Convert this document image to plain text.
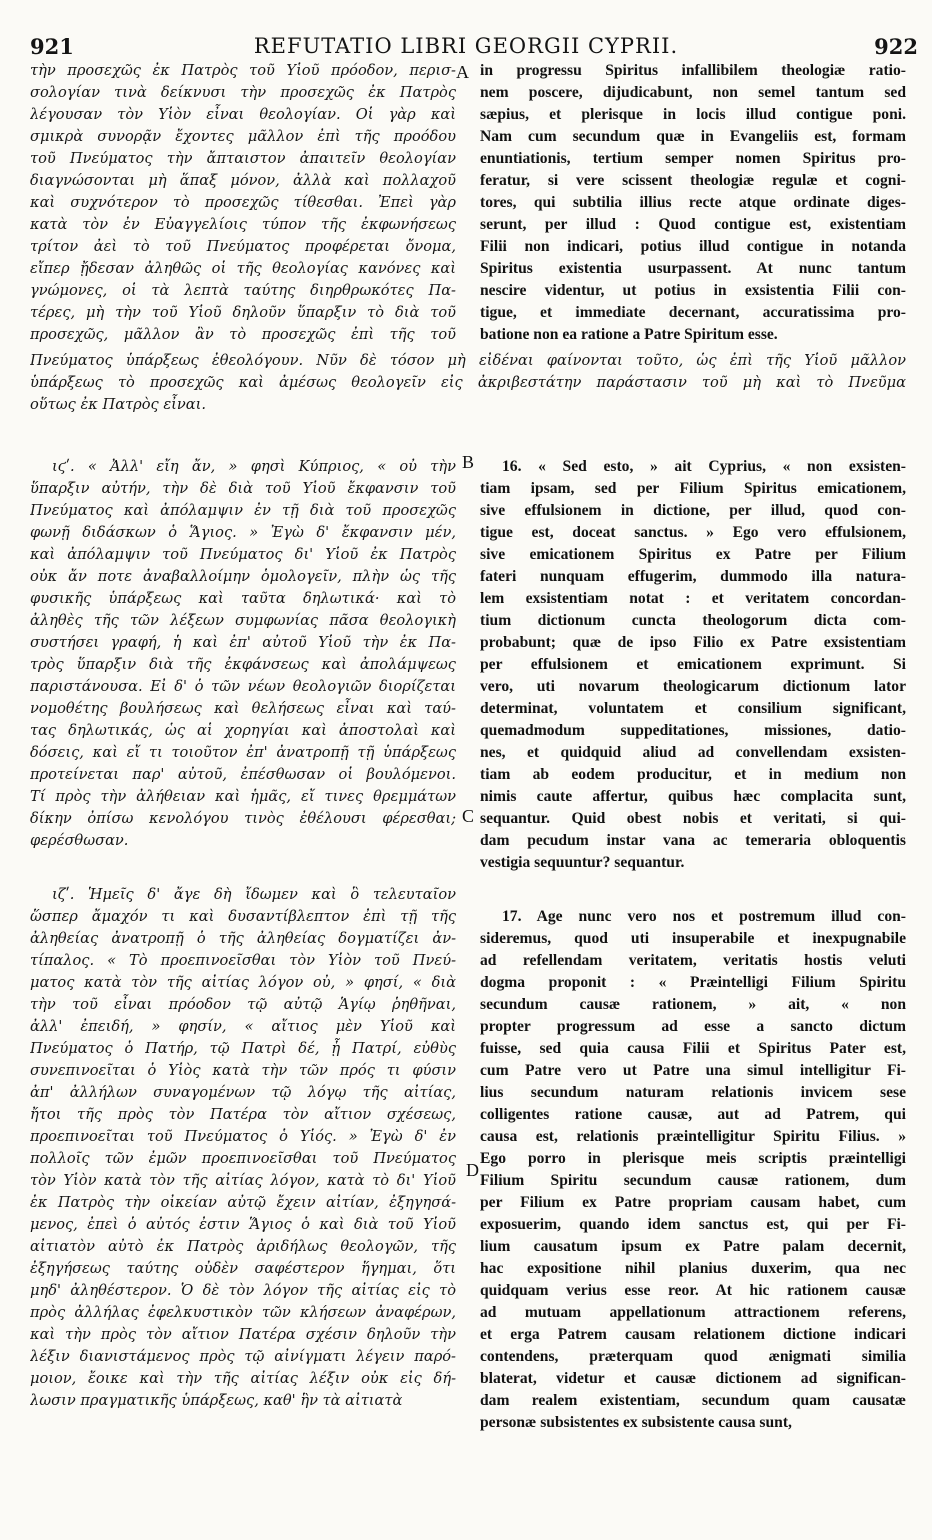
921	REFUTATIO LIBRI GEORGII CYPRII.	922
A
B
C
D
τὴν προσεχῶς ἐκ Πατρὸς τοῦ Υἱοῦ πρόοδον, περισ-
σολογίαν τινὰ δείκνυσι τὴν προσεχῶς ἐκ Πατρὸς
λέγουσαν τὸν Υἱὸν εἶναι θεολογίαν. Οἱ γὰρ καὶ
σμικρὰ συνορᾷν ἔχοντες μᾶλλον ἐπὶ τῆς προόδου
τοῦ Πνεύματος τὴν ἄπταιστον ἀπαιτεῖν θεολογίαν
διαγνώσονται μὴ ἅπαξ μόνον, ἀλλὰ καὶ πολλαχοῦ
καὶ συχνότερον τὸ προσεχῶς τίθεσθαι. Ἐπεὶ γὰρ
κατὰ τὸν ἐν Εὐαγγελίοις τύπον τῆς ἐκφωνήσεως
τρίτον ἀεὶ τὸ τοῦ Πνεύματος προφέρεται ὄνομα,
εἴπερ ᾔδεσαν ἀληθῶς οἱ τῆς θεολογίας κανόνες καὶ
γνώμονες, οἱ τὰ λεπτὰ ταύτης διηρθρωκότες Πα-
τέρες, μὴ τὴν τοῦ Υἱοῦ δηλοῦν ὕπαρξιν τὸ διὰ τοῦ
προσεχῶς, μᾶλλον ἂν τὸ προσεχῶς ἐπὶ τῆς τοῦ
in progressu Spiritus infallibilem theologiæ ratio-
nem poscere, dijudicabunt, non semel tantum sed
sæpius, et plerisque in locis illud contigue poni.
Nam cum secundum quæ in Evangeliis est, formam
enuntiationis, tertium semper nomen Spiritus pro-
feratur, si vere scissent theologiæ regulæ et cogni-
tores, qui subtilia illius recte atque ordinate diges-
serunt, per illud : Quod contigue est, existentiam
Filii non indicari, potius illud contigue in notanda
Spiritus existentia usurpassent. At nunc tantum
nescire videntur, ut potius in exsistentia Filii con-
tigue, et immediate decernant, accuratissima pro-
batione non ea ratione a Patre Spiritum esse.
Πνεύματος ὑπάρξεως ἐθεολόγουν. Νῦν δὲ τόσον μὴ εἰδέναι φαίνονται τοῦτο, ὡς ἐπὶ τῆς Υἱοῦ μᾶλλον
ὑπάρξεως τὸ προσεχῶς καὶ ἀμέσως θεολογεῖν εἰς ἀκριβεστάτην παράστασιν τοῦ μὴ καὶ τὸ Πνεῦμα
οὕτως ἐκ Πατρὸς εἶναι.
ιϛʹ. « Ἀλλ' εἴη ἄν, » φησὶ Κύπριος, « οὐ τὴν
ὕπαρξιν αὐτήν, τὴν δὲ διὰ τοῦ Υἱοῦ ἔκφανσιν τοῦ
Πνεύματος καὶ ἀπόλαμψιν ἐν τῇ διὰ τοῦ προσεχῶς
φωνῇ διδάσκων ὁ Ἅγιος. » Ἐγὼ δ' ἔκφανσιν μέν,
καὶ ἀπόλαμψιν τοῦ Πνεύματος δι' Υἱοῦ ἐκ Πατρὸς
οὐκ ἄν ποτε ἀναβαλλοίμην ὁμολογεῖν, πλὴν ὡς τῆς
φυσικῆς ὑπάρξεως καὶ ταῦτα δηλωτικά· καὶ τὸ
ἀληθὲς τῆς τῶν λέξεων συμφωνίας πᾶσα θεολογικὴ
συστήσει γραφή, ἡ καὶ ἐπ' αὐτοῦ Υἱοῦ τὴν ἐκ Πα-
τρὸς ὕπαρξιν διὰ τῆς ἐκφάνσεως καὶ ἀπολάμψεως
παριστάνουσα. Εἰ δ' ὁ τῶν νέων θεολογιῶν διορίζεται
νομοθέτης βουλήσεως καὶ θελήσεως εἶναι καὶ ταύ-
τας δηλωτικάς, ὡς αἱ χορηγίαι καὶ ἀποστολαὶ καὶ
δόσεις, καὶ εἴ τι τοιοῦτον ἐπ' ἀνατροπῇ τῇ ὑπάρξεως
προτείνεται παρ' αὐτοῦ, ἐπέσθωσαν οἱ βουλόμενοι.
Τί πρὸς τὴν ἀλήθειαν καὶ ἡμᾶς, εἴ τινες θρεμμάτων
δίκην ὀπίσω κενολόγου τινὸς ἐθέλουσι φέρεσθαι;
φερέσθωσαν.
16. « Sed esto, » ait Cyprius, « non exsisten-
tiam ipsam, sed per Filium Spiritus emicationem,
sive effulsionem in dictione, per illud, quod con-
tigue est, doceat sanctus. » Ego vero effulsionem,
sive emicationem Spiritus ex Patre per Filium
fateri nunquam effugerim, dummodo illa natura-
lem exsistentiam notat : et veritatem concordan-
tium dictionum cuncta theologorum dicta com-
probabunt; quæ de ipso Filio ex Patre exsistentiam
per effulsionem et emicationem exprimunt. Si
vero, uti novarum theologicarum dictionum lator
determinat, voluntatem et consilium significant,
quemadmodum suppeditationes, missiones, datio-
nes, et quidquid aliud ad convellendam exsisten-
tiam ab eodem producitur, et in medium non
nimis caute affertur, quibus hæc complacita sunt,
sequantur. Quid obest nobis et veritati, si qui-
dam pecudum instar vana ac temeraria obloquentis
vestigia sequuntur? sequantur.
ιζʹ. Ἡμεῖς δ' ἄγε δὴ ἴδωμεν καὶ ὃ τελευταῖον
ὥσπερ ἄμαχόν τι καὶ δυσαντίβλεπτον ἐπὶ τῇ τῆς
ἀληθείας ἀνατροπῇ ὁ τῆς ἀληθείας δογματίζει ἀν-
τίπαλος. « Τὸ προεπινοεῖσθαι τὸν Υἱὸν τοῦ Πνεύ-
ματος κατὰ τὸν τῆς αἰτίας λόγον οὐ, » φησί, « διὰ
τὴν τοῦ εἶναι πρόοδον τῷ αὐτῷ Ἁγίῳ ῥηθῆναι,
ἀλλ' ἐπειδή, » φησίν, « αἴτιος μὲν Υἱοῦ καὶ
Πνεύματος ὁ Πατήρ, τῷ Πατρὶ δέ, ᾗ Πατρί, εὐθὺς
συνεπινοεῖται ὁ Υἱὸς κατὰ τὴν τῶν πρός τι φύσιν
ἀπ' ἀλλήλων συναγομένων τῷ λόγῳ τῆς αἰτίας,
ἤτοι τῆς πρὸς τὸν Πατέρα τὸν αἴτιον σχέσεως,
προεπινοεῖται τοῦ Πνεύματος ὁ Υἱός. » Ἐγὼ δ' ἐν
πολλοῖς τῶν ἐμῶν προεπινοεῖσθαι τοῦ Πνεύματος
τὸν Υἱὸν κατὰ τὸν τῆς αἰτίας λόγον, κατὰ τὸ δι' Υἱοῦ
ἐκ Πατρὸς τὴν οἰκείαν αὐτῷ ἔχειν αἰτίαν, ἐξηγησά-
μενος, ἐπεὶ ὁ αὐτός ἐστιν Ἅγιος ὁ καὶ διὰ τοῦ Υἱοῦ
αἰτιατὸν αὐτὸ ἐκ Πατρὸς ἀριδήλως θεολογῶν, τῆς
ἐξηγήσεως ταύτης οὐδὲν σαφέστερον ἥγημαι, ὅτι
μηδ' ἀληθέστερον. Ὁ δὲ τὸν λόγον τῆς αἰτίας εἰς τὸ
πρὸς ἀλλήλας ἐφελκυστικὸν τῶν κλήσεων ἀναφέρων,
καὶ τὴν πρὸς τὸν αἴτιον Πατέρα σχέσιν δηλοῦν τὴν
λέξιν διανιστάμενος πρὸς τῷ αἰνίγματι λέγειν παρό-
μοιον, ἔοικε καὶ τὴν τῆς αἰτίας λέξιν οὐκ εἰς δή-
λωσιν πραγματικῆς ὑπάρξεως, καθ' ἣν τὰ αἰτιατὰ
17. Age nunc vero nos et postremum illud con-
sideremus, quod uti insuperabile et inexpugnabile
ad refellendam veritatem, veritatis hostis veluti
dogma proponit : « Præintelligi Filium Spiritu
secundum causæ rationem, » ait, « non
propter progressum ad esse a sancto dictum
fuisse, sed quia causa Filii et Spiritus Pater est,
cum Patre vero ut Patre una simul intelligitur Fi-
lius secundum naturam relationis invicem sese
colligentes ratione causæ, aut ad Patrem, qui
causa est, relationis præintelligitur Spiritu Filius. »
Ego porro in plerisque meis scriptis præintelligi
Filium Spiritu secundum causæ rationem, dum
per Filium ex Patre propriam causam habet, cum
exposuerim, quando idem sanctus est, qui per Fi-
lium causatum ipsum ex Patre palam decernit,
hac expositione nihil planius duxerim, qua nec
quidquam verius esse reor. At hic rationem causæ
ad mutuam appellationum attractionem referens,
et erga Patrem causam relationem dictione indicari
contendens, præterquam quod ænigmati similia
blaterat, videtur et causæ dictionem ad significan-
dam realem existentiam, secundum quam causatæ
personæ subsistentes ex subsistente causa sunt,
